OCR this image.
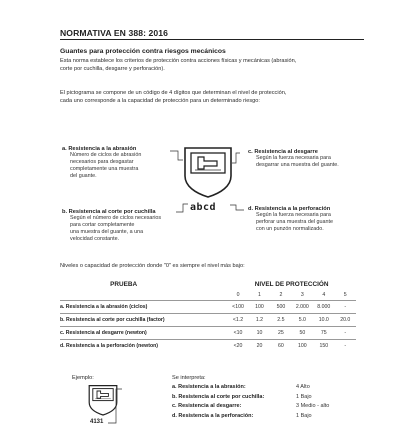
NORMATIVA EN 388: 2016
Guantes para protección contra riesgos mecánicos
Esta norma establece los criterios de protección contra acciones físicas y mecánicas (abrasión,
corte por cuchilla, desgarre y perforación).
El pictograma se compone de un código de 4 dígitos que determinan el nivel de protección,
cada uno corresponde a la capacidad de protección para un determinado riesgo:
a. Resistencia a la abrasión
Número de ciclos de abrasión
necesarios para desgastar
completamente una muestra
del guante.
b. Resistencia al corte por cuchilla
Según el número de ciclos necesarios
para cortar completamente
una muestra del guante, a una
velocidad constante.
c. Resistencia al desgarre
Según la fuerza necesaria para
desgarrar una muestra del guante.
d. Resistencia a la perforación
Según la fuerza necesaria para
perforar una muestra del guante
con un punzón normalizado.
abcd
Niveles o capacidad de protección donde "0" es siempre el nivel más bajo:
PRUEBA	NIVEL DE PROTECCIÓN					
	0	1	2	3	4	5
a. Resistencia a la abrasión (ciclos)	<100	100	500	2.000	8.000	-
b. Resistencia al corte por cuchilla (factor)	<1.2	1.2	2.5	5.0	10.0	20.0
c. Resistencia al desgarre (newton)	<10	10	25	50	75	-
d. Resistencia a la perforación (newton)	<20	20	60	100	150	-
Ejemplo:
4131
Se interpreta:
a. Resistencia a la abrasión:	4 Alto
b. Resistencia al corte por cuchilla:	1 Bajo
c. Resistencia al desgarre:	3 Medio - alto
d. Resistencia a la perforación:	1 Bajo
